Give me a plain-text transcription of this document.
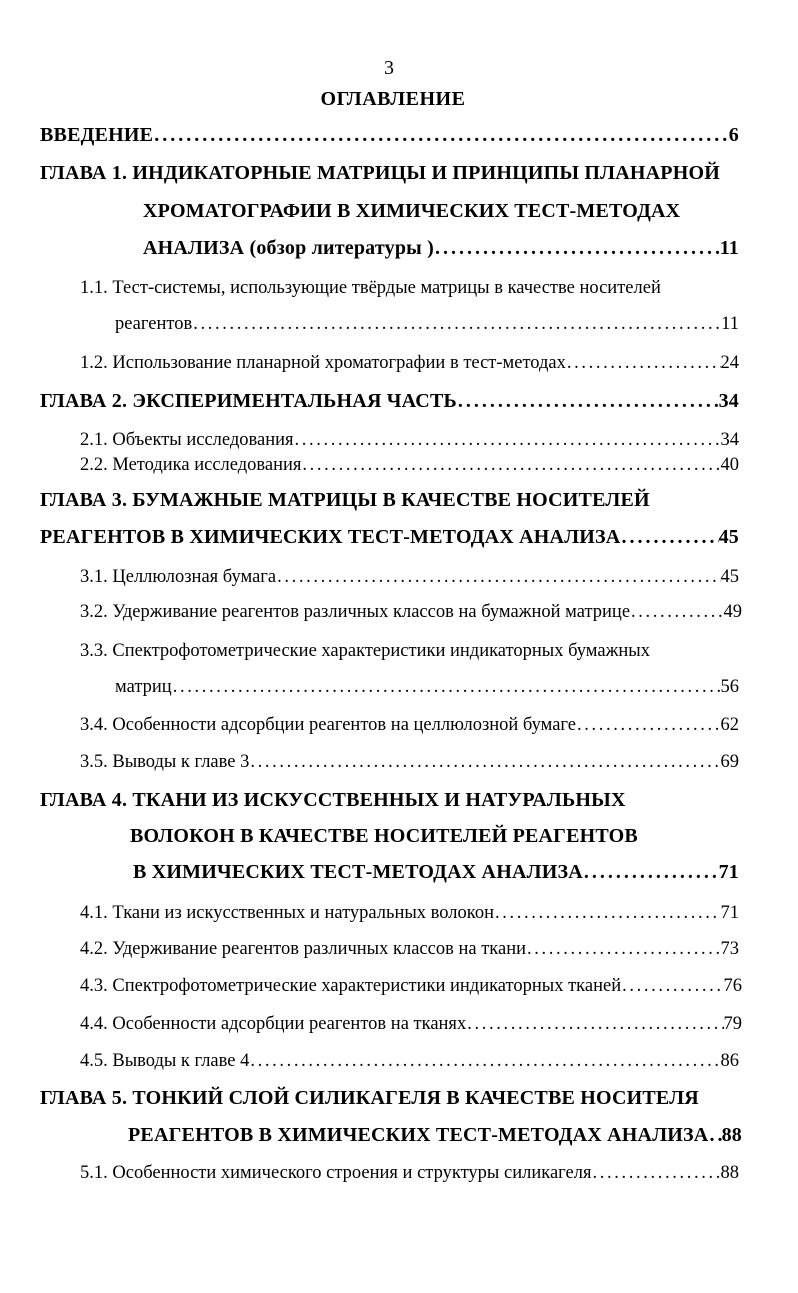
3
ОГЛАВЛЕНИЕ
ВВЕДЕНИЕ . . .	6
ГЛАВА 1. ИНДИКАТОРНЫЕ МАТРИЦЫ И ПРИНЦИПЫ ПЛАНАРНОЙ
ХРОМАТОГРАФИИ В ХИМИЧЕСКИХ ТЕСТ-МЕТОДАХ
АНАЛИЗА (обзор литературы ) . . .	11
1.1. Тест-системы, использующие твёрдые матрицы в качестве носителей
реагентов . . .	11
1.2. Использование планарной хроматографии в тест-методах . . .	24
ГЛАВА 2. ЭКСПЕРИМЕНТАЛЬНАЯ ЧАСТЬ . . .	34
2.1. Объекты исследования . . .	34
2.2. Методика исследования . . .	40
ГЛАВА 3. БУМАЖНЫЕ МАТРИЦЫ В КАЧЕСТВЕ НОСИТЕЛЕЙ
РЕАГЕНТОВ В ХИМИЧЕСКИХ ТЕСТ-МЕТОДАХ АНАЛИЗА . . .	45
3.1. Целлюлозная бумага . . .	45
3.2. Удерживание реагентов различных классов на бумажной матрице . . .	49
3.3. Спектрофотометрические характеристики индикаторных бумажных
матриц . . .	56
3.4. Особенности адсорбции реагентов на целлюлозной бумаге . . .	62
3.5. Выводы к главе 3 . . .	69
ГЛАВА 4. ТКАНИ ИЗ ИСКУССТВЕННЫХ И НАТУРАЛЬНЫХ
ВОЛОКОН В КАЧЕСТВЕ НОСИТЕЛЕЙ РЕАГЕНТОВ
В ХИМИЧЕСКИХ ТЕСТ-МЕТОДАХ АНАЛИЗА . . .	71
4.1. Ткани из искусственных и натуральных волокон . . .	71
4.2. Удерживание реагентов различных классов на ткани . . .	73
4.3. Спектрофотометрические характеристики индикаторных тканей . . .	76
4.4. Особенности адсорбции реагентов на тканях . . .	79
4.5. Выводы к главе 4 . . .	86
ГЛАВА 5. ТОНКИЙ СЛОЙ СИЛИКАГЕЛЯ В КАЧЕСТВЕ НОСИТЕЛЯ
РЕАГЕНТОВ В ХИМИЧЕСКИХ ТЕСТ-МЕТОДАХ АНАЛИЗА . . . 88
5.1. Особенности химического строения и структуры силикагеля . . .	88
